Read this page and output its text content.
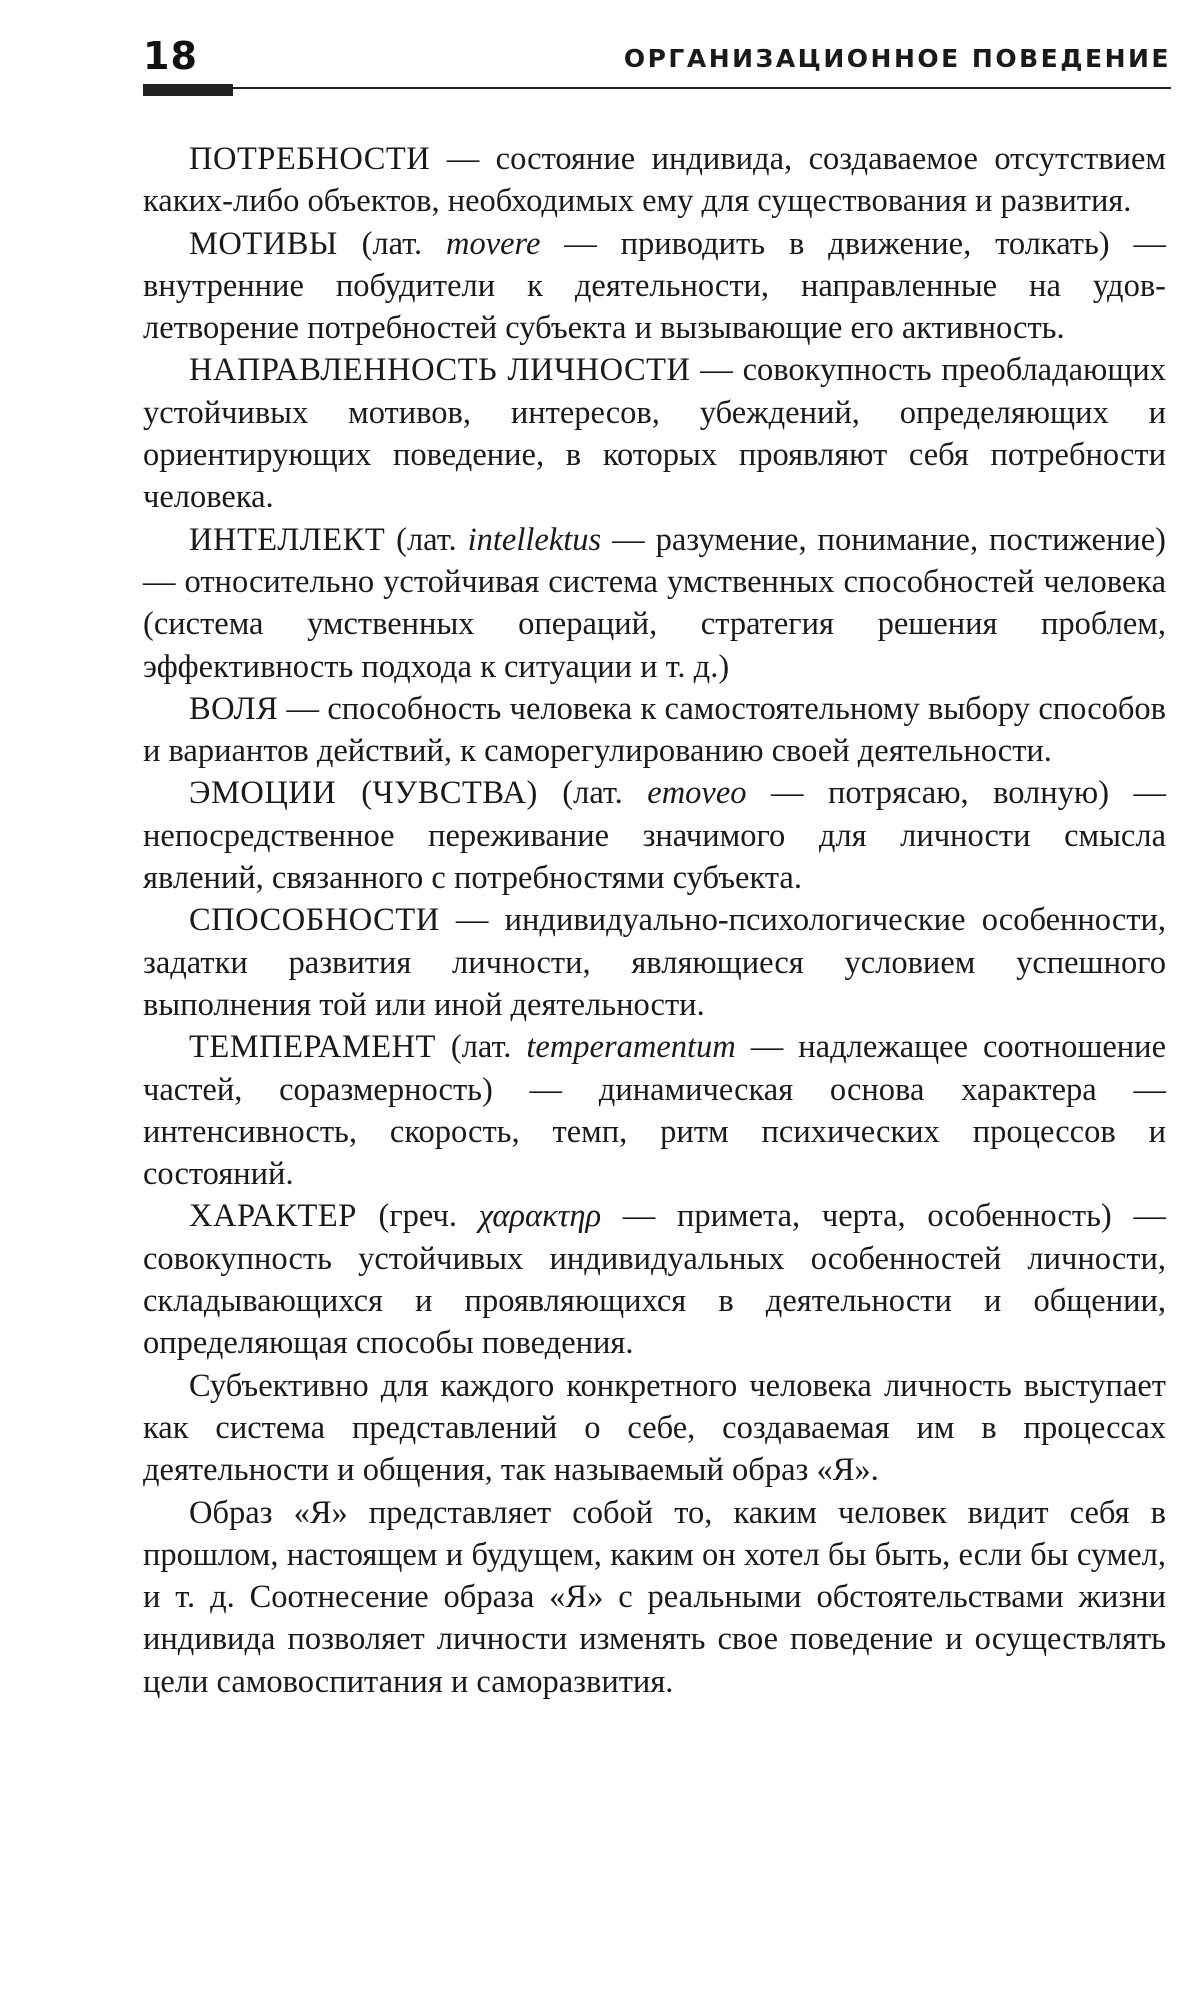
18	ОРГАНИЗАЦИОННОЕ ПОВЕДЕНИЕ

ПОТРЕБНОСТИ — состояние индивида, создаваемое отсутствием каких-либо объектов, необходимых ему для существования и развития.

МОТИВЫ (лат. movere — приводить в движение, толкать) — внутренние побудители к деятельности, направленные на удовлетворение потребностей субъекта и вызывающие его активность.

НАПРАВЛЕННОСТЬ ЛИЧНОСТИ — совокупность преобладающих устойчивых мотивов, интересов, убеждений, определяющих и ориентирующих поведение, в которых проявляют себя потребности человека.

ИНТЕЛЛЕКТ (лат. intellektus — разумение, понимание, постижение) — относительно устойчивая система умственных способностей человека (система умственных операций, стратегия решения проблем, эффективность подхода к ситуации и т. д.)

ВОЛЯ — способность человека к самостоятельному выбору способов и вариантов действий, к саморегулированию своей деятельности.

ЭМОЦИИ (ЧУВСТВА) (лат. emoveo — потрясаю, волную) — непосредственное переживание значимого для личности смысла явлений, связанного с потребностями субъекта.

СПОСОБНОСТИ — индивидуально-психологические особенности, задатки развития личности, являющиеся условием успешного выполнения той или иной деятельности.

ТЕМПЕРАМЕНТ (лат. temperamentum — надлежащее соотношение частей, соразмерность) — динамическая основа характера — интенсивность, скорость, темп, ритм психических процессов и состояний.

ХАРАКТЕР (греч. χαρακτηρ — примета, черта, особенность) — совокупность устойчивых индивидуальных особенностей личности, складывающихся и проявляющихся в деятельности и общении, определяющая способы поведения.

Субъективно для каждого конкретного человека личность выступает как система представлений о себе, создаваемая им в процессах деятельности и общения, так называемый образ «Я».

Образ «Я» представляет собой то, каким человек видит себя в прошлом, настоящем и будущем, каким он хотел бы быть, если бы сумел, и т. д. Соотнесение образа «Я» с реальными обстоятельствами жизни индивида позволяет личности изменять свое поведение и осуществлять цели самовоспитания и саморазвития.
